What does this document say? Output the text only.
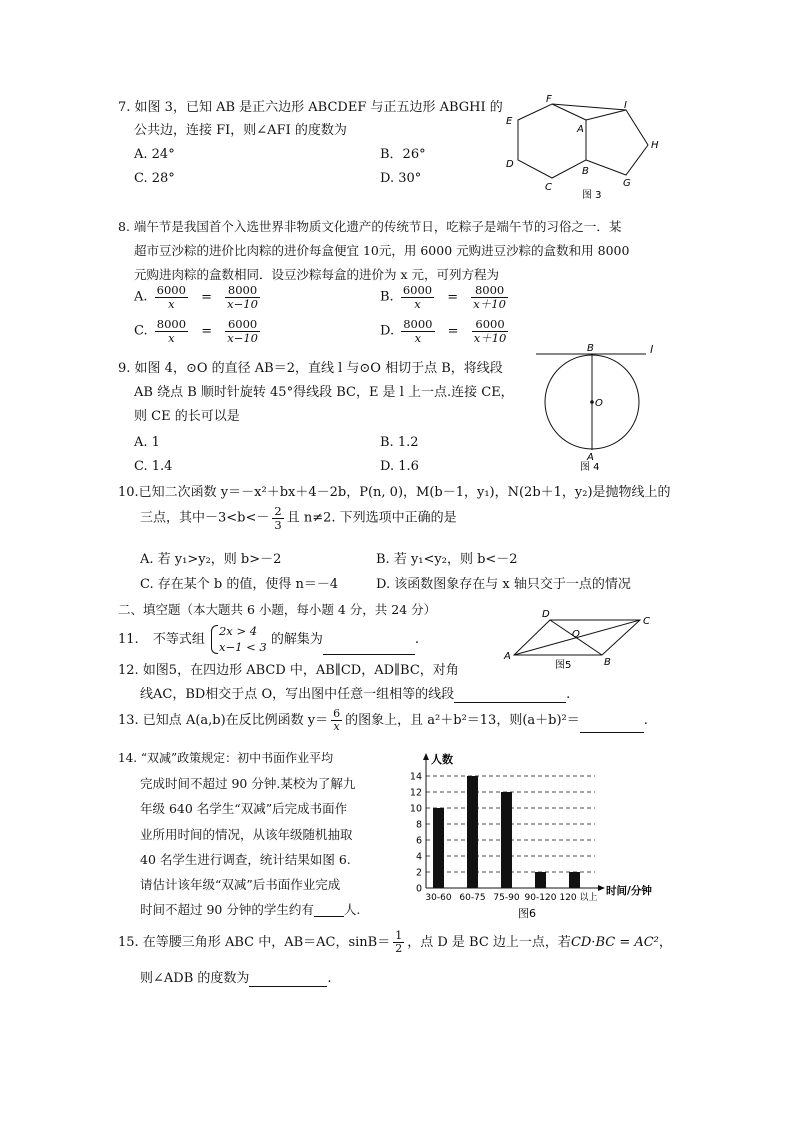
7. 如图 3，已知 AB 是正六边形 ABCDEF 与正五边形 ABGHI 的
公共边，连接 FI，则∠AFI 的度数为
A. 24°	B．26°
C. 28°	D. 30°
F
I
E
A
H
D
B
C	G
图 3
8. 端午节是我国首个入选世界非物质文化遗产的传统节日，吃粽子是端午节的习俗之一．某
超市豆沙粽的进价比肉粽的进价每盒便宜 10元，用 6000 元购进豆沙粽的盒数和用 8000
元购进肉粽的盒数相同．设豆沙粽每盒的进价为 x 元，可列方程为
A. $\frac{6000}{x} = \frac{8000}{x-10}$	B. $\frac{6000}{x} = \frac{8000}{x+10}$
C. $\frac{8000}{x} = \frac{6000}{x-10}$	D. $\frac{8000}{x} = \frac{6000}{x+10}$
9. 如图 4，⊙O 的直径 AB＝2，直线 l 与⊙O 相切于点 B，将线段
AB 绕点 B 顺时针旋转 45°得线段 BC，E 是 l 上一点.连接 CE，
则 CE 的长可以是
A. 1	B. 1.2
C. 1.4	D. 1.6
B	l
O
A
图 4
10.已知二次函数 y＝－x²＋bx＋4－2b，P(n, 0)，M(b－1，y₁)，N(2b＋1，y₂)是抛物线上的
三点，其中$-3<b<- \frac{2}{3}$ 且 n≠2. 下列选项中正确的是
A. 若 y₁>y₂，则 b>－2	B. 若 y₁<y₂，则 b<－2
C. 存在某个 b 的值，使得 n＝－4	D. 该函数图象存在与 x 轴只交于一点的情况
二、填空题（本大题共 6 小题，每小题 4 分，共 24 分）	D
C
O
A
B
图5
11. 不等式组
2x > 4
x−1 < 3 的解集为	.
12. 如图5，在四边形 ABCD 中，AB∥CD，AD∥BC，对角
线AC，BD相交于点 O，写出图中任意一组相等的线段	.
13. 已知点 A(a,b)在反比例函数 $y= \frac{6}{x}$ 的图象上，且 a²＋b²＝13，则(a＋b)²＝	.
14. “双减”政策规定：初中书面作业平均
完成时间不超过 90 分钟.某校为了解九
年级 640 名学生“双减”后完成书面作
业所用时间的情况，从该年级随机抽取
40 名学生进行调查，统计结果如图 6.
请估计该年级“双减”后书面作业完成
时间不超过 90 分钟的学生约有 人.
人数
时间/分钟
图6
0
2
4
6
8
10
12
14
30-60 60-75 75-90 90-120 120 以上
15. 在等腰三角形 ABC 中，AB＝AC，$\sin B= \frac{1}{2}$ ，点 D 是 BC 边上一点，若CD·BC = AC²，
则∠ADB 的度数为	.
